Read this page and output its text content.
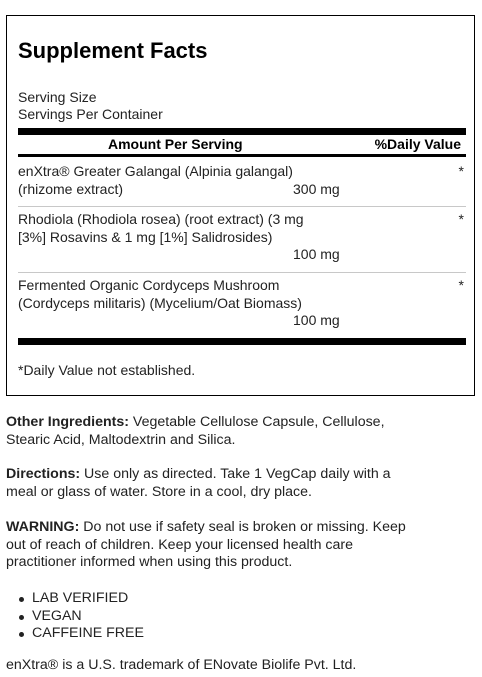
Supplement Facts
Serving Size
Servings Per Container
Amount Per Serving	%Daily Value
enXtra® Greater Galangal (Alpinia galangal)
(rhizome extract)	300 mg
*
Rhodiola (Rhodiola rosea) (root extract) (3 mg
[3%] Rosavins & 1 mg [1%] Salidrosides)
100 mg
*
Fermented Organic Cordyceps Mushroom
(Cordyceps militaris) (Mycelium/Oat Biomass)
100 mg
*
*Daily Value not established.
Other Ingredients: Vegetable Cellulose Capsule, Cellulose,
Stearic Acid, Maltodextrin and Silica.
Directions: Use only as directed. Take 1 VegCap daily with a
meal or glass of water. Store in a cool, dry place.
WARNING: Do not use if safety seal is broken or missing. Keep
out of reach of children. Keep your licensed health care
practitioner informed when using this product.
LAB VERIFIED
VEGAN
CAFFEINE FREE
enXtra® is a U.S. trademark of ENovate Biolife Pvt. Ltd.
